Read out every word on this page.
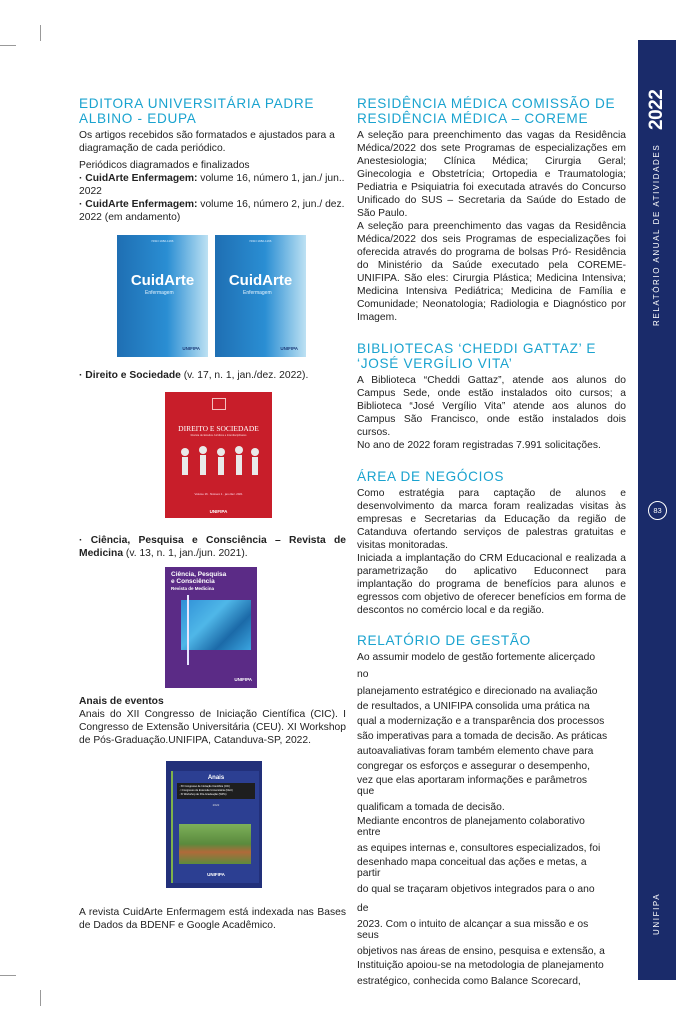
2022
RELATÓRIO ANUAL DE ATIVIDADES
83
UNIFIPA
EDITORA UNIVERSITÁRIA PADRE ALBINO - EDUPA

Os artigos recebidos são formatados e ajustados para a diagramação de cada periódico.

Periódicos diagramados e finalizados

· CuidArte Enfermagem: volume 16, número 1, jan./ jun.. 2022

· CuidArte Enfermagem: volume 16, número 2, jun./ dez. 2022 (em andamento)

ISSN 1982-1166
CuidArte
Enfermagem
UNIFIPA
ISSN 1982-1166
CuidArte
Enfermagem
UNIFIPA

· Direito e Sociedade (v. 17, n. 1, jan./dez. 2022).

DIREITO E SOCIEDADE
Revista de Estudos Jurídicos e Interdisciplinares
Volume 16 · Número 1 · jan./dez. 2021
UNIFIPA

· Ciência, Pesquisa e Consciência – Revista de Medicina (v. 13, n. 1, jan./jun. 2021).

Ciência, Pesquisa
e Consciência
Revista de Medicina
UNIFIPA

Anais de eventos

Anais do XII Congresso de Iniciação Científica (CIC). I Congresso de Extensão Universitária (CEU). XI Workshop de Pós-Graduação.UNIFIPA, Catanduva-SP, 2022.

Anais
· XII Congresso de Iniciação Científica (CIC)
· I Congresso de Extensão Universitária (CEU)
· XI Workshop de Pós-Graduação (WPG)
2022
UNIFIPA

A revista CuidArte Enfermagem está indexada nas Bases de Dados da BDENF e Google Acadêmico.

RESIDÊNCIA MÉDICA COMISSÃO DE RESIDÊNCIA MÉDICA – COREME

A seleção para preenchimento das vagas da Residência Médica/2022 dos sete Programas de especializações em Anestesiologia; Clínica Médica; Cirurgia Geral; Ginecologia e Obstetrícia; Ortopedia e Traumatologia; Pediatria e Psiquiatria foi executada através do Concurso Unificado do SUS – Secretaria da Saúde do Estado de São Paulo.

A seleção para preenchimento das vagas da Residência Médica/2022 dos seis Programas de especializações foi oferecida através do programa de bolsas Pró- Residência do Ministério da Saúde executado pela COREME-UNIFIPA. São eles: Cirurgia Plástica; Medicina Intensiva; Medicina Intensiva Pediátrica; Medicina de Família e Comunidade; Neonatologia; Radiologia e Diagnóstico por Imagem.

BIBLIOTECAS ‘CHEDDI GATTAZ’ E ‘JOSÉ VERGÍLIO VITA’

A Biblioteca “Cheddi Gattaz”, atende aos alunos do Campus Sede, onde estão instalados oito cursos; a Biblioteca “José Vergílio Vita” atende aos alunos do Campus São Francisco, onde estão instalados dois cursos.

No ano de 2022 foram registradas 7.991 solicitações.

ÁREA DE NEGÓCIOS

Como estratégia para captação de alunos e desenvolvimento da marca foram realizadas visitas às empresas e Secretarias da Educação da região de Catanduva ofertando serviços de palestras gratuitas e visitas monitoradas.

Iniciada a implantação do CRM Educacional e realizada a parametrização do aplicativo Educonnect para implantação do programa de benefícios para alunos e egressos com objetivo de oferecer benefícios em forma de descontos no comércio local e da região.

RELATÓRIO DE GESTÃO

Ao assumir modelo de gestão fortemente alicerçado

no

planejamento estratégico e direcionado na avaliação

de resultados, a UNIFIPA consolida uma prática na

qual a modernização e a transparência dos processos

são imperativas para a tomada de decisão. As práticas

autoavaliativas foram também elemento chave para

congregar os esforços e assegurar o desempenho,

vez que elas aportaram informações e parâmetros que

qualificam a tomada de decisão.

Mediante encontros de planejamento colaborativo entre

as equipes internas e, consultores especializados, foi

desenhado mapa conceitual das ações e metas, a partir

do qual se traçaram objetivos integrados para o ano

de

2023. Com o intuito de alcançar a sua missão e os seus

objetivos nas áreas de ensino, pesquisa e extensão, a

Instituição apoiou-se na metodologia de planejamento

estratégico, conhecida como Balance Scorecard,
